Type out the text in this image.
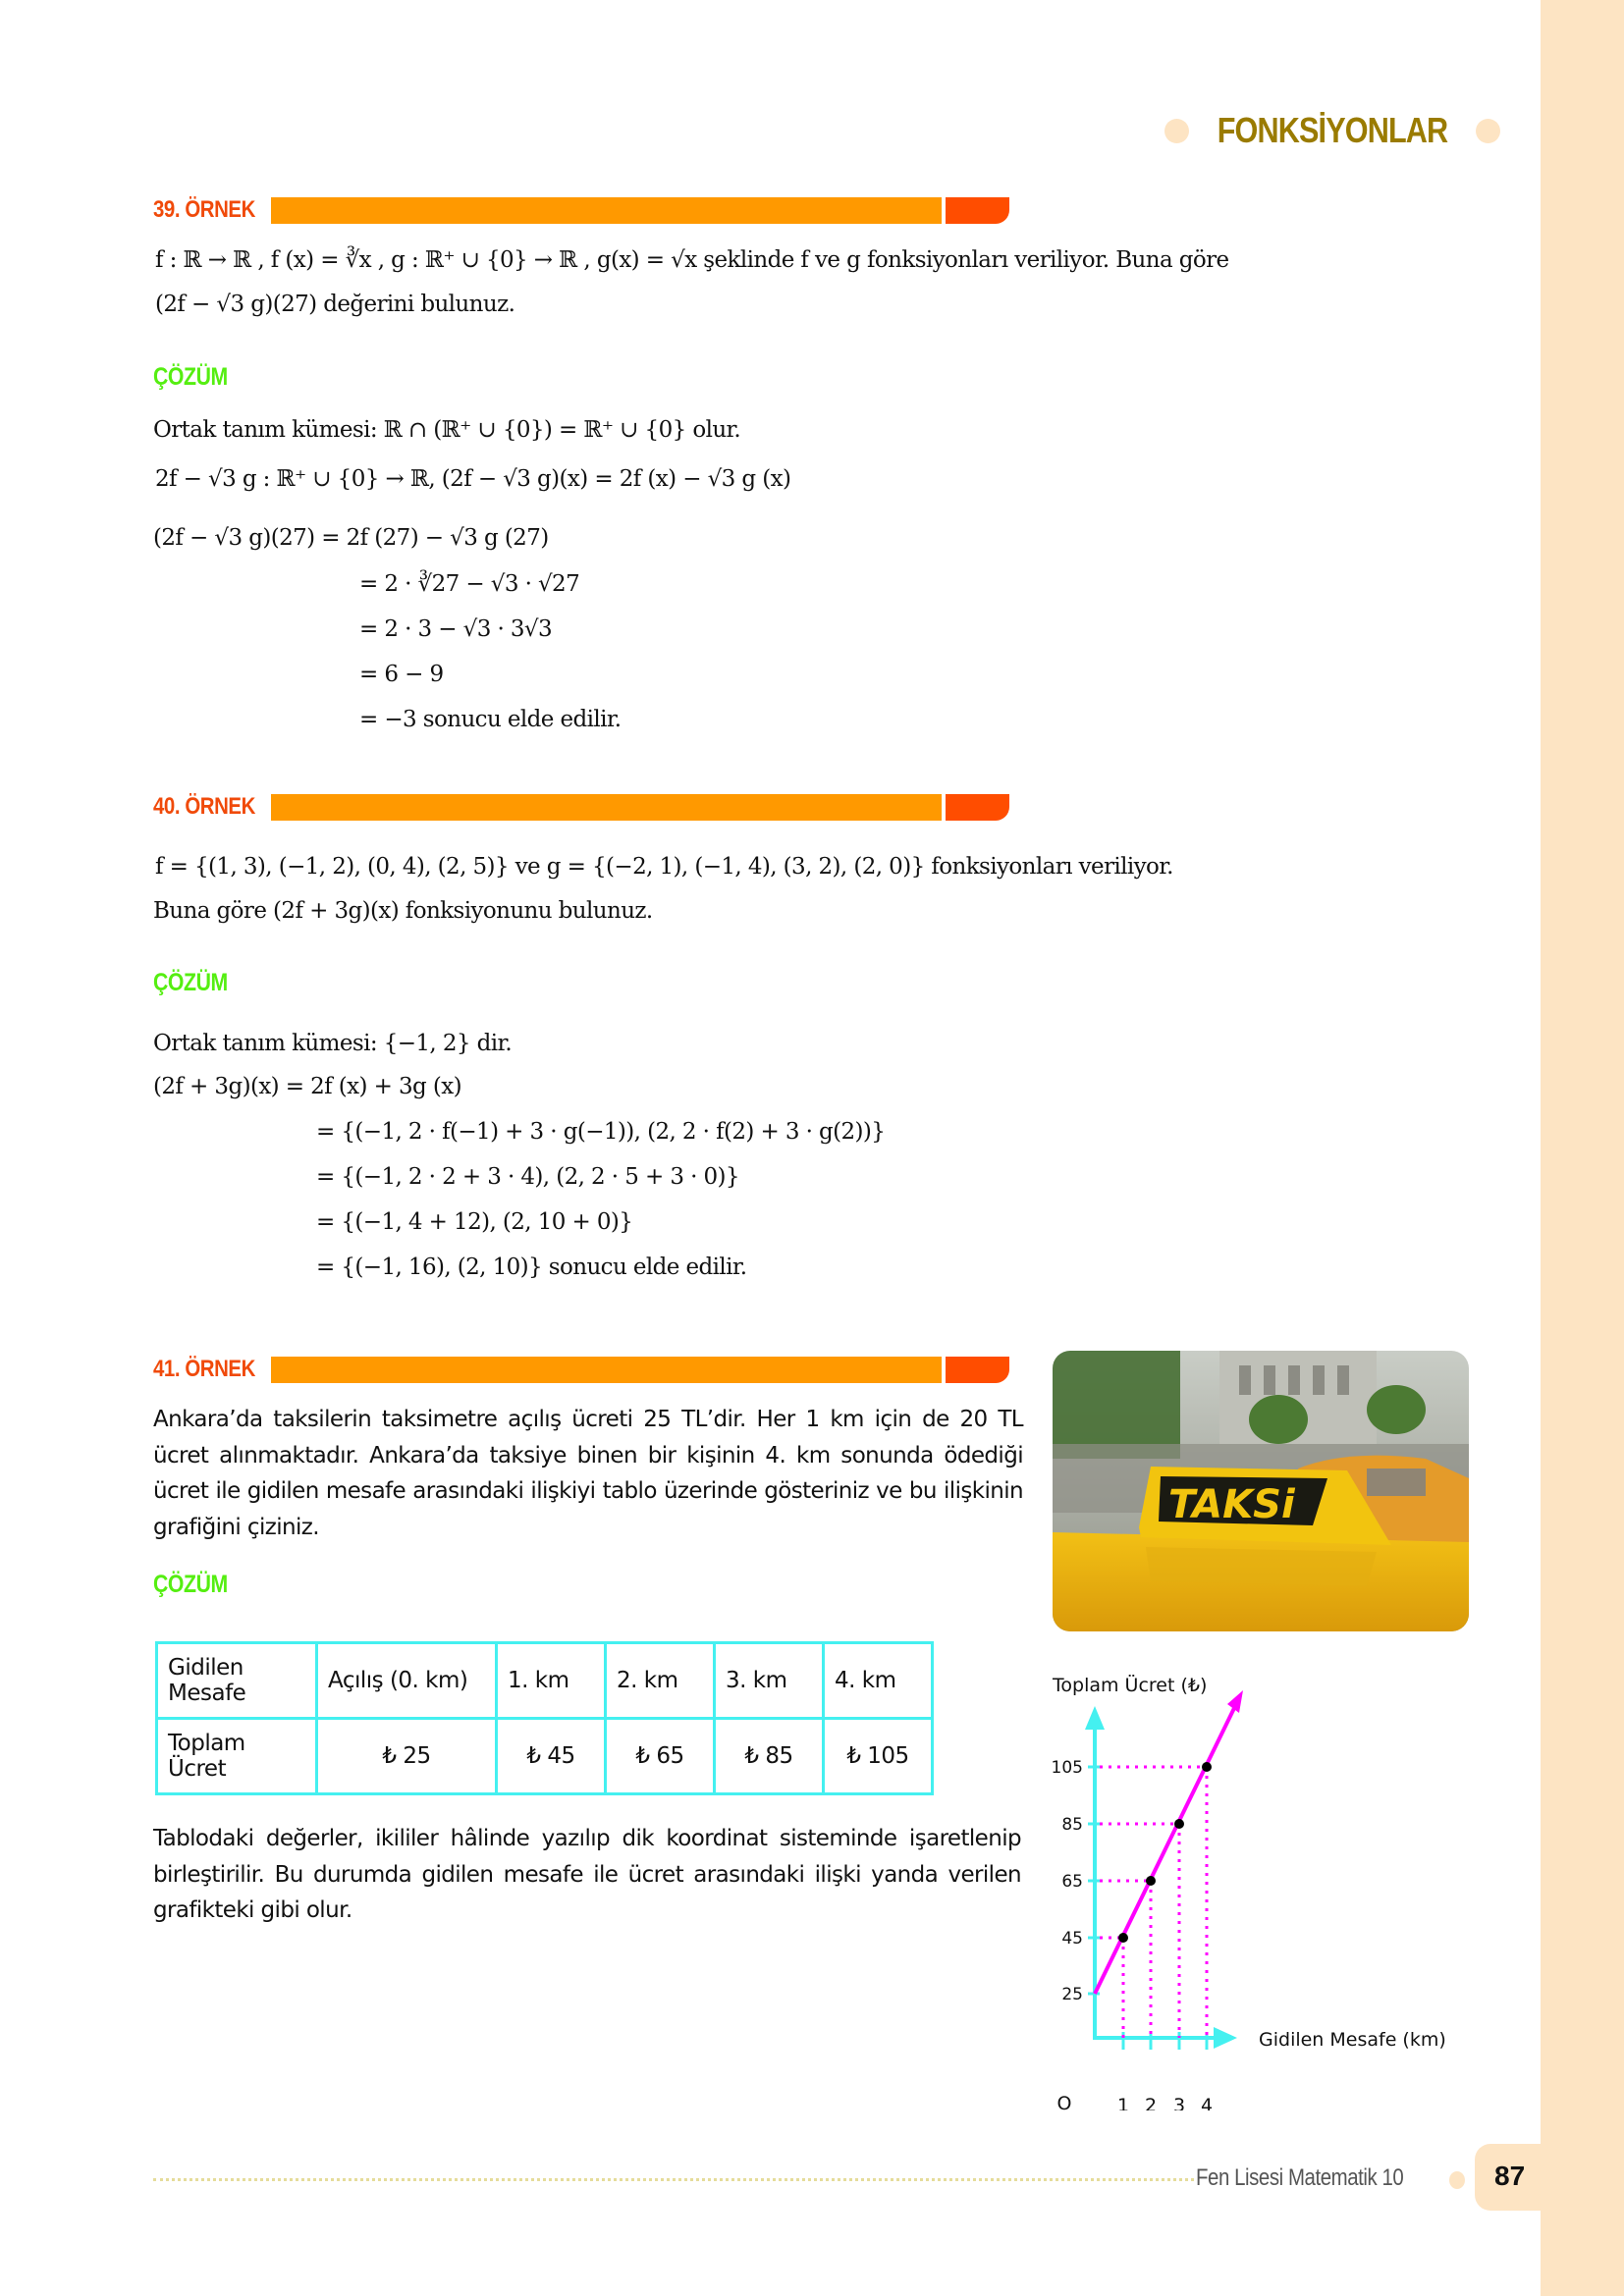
FONKSİYONLAR
39. ÖRNEK
f : ℝ → ℝ , f (x) = ∛x , g : ℝ⁺ ∪ {0} → ℝ , g(x) = √x şeklinde f ve g fonksiyonları veriliyor. Buna göre
(2f − √3 g)(27) değerini bulunuz.
ÇÖZÜM
Ortak tanım kümesi: ℝ ∩ (ℝ⁺ ∪ {0}) = ℝ⁺ ∪ {0} olur.
2f − √3 g : ℝ⁺ ∪ {0} → ℝ, (2f − √3 g)(x) = 2f (x) − √3 g (x)
(2f − √3 g)(27) = 2f (27) − √3 g (27)
= 2 · ∛27 − √3 · √27
= 2 · 3 − √3 · 3√3
= 6 − 9
= −3 sonucu elde edilir.
40. ÖRNEK
f = {(1, 3), (−1, 2), (0, 4), (2, 5)} ve g = {(−2, 1), (−1, 4), (3, 2), (2, 0)} fonksiyonları veriliyor.
Buna göre (2f + 3g)(x) fonksiyonunu bulunuz.
ÇÖZÜM
Ortak tanım kümesi: {−1, 2} dir.
(2f + 3g)(x) = 2f (x) + 3g (x)
= {(−1, 2 · f(−1) + 3 · g(−1)), (2, 2 · f(2) + 3 · g(2))}
= {(−1, 2 · 2 + 3 · 4), (2, 2 · 5 + 3 · 0)}
= {(−1, 4 + 12), (2, 10 + 0)}
= {(−1, 16), (2, 10)} sonucu elde edilir.
41. ÖRNEK
Ankara’da taksilerin taksimetre açılış ücreti 25 TL’dir. Her 1 km için de 20 TL ücret alınmaktadır. Ankara’da taksiye binen bir kişinin 4. km sonunda ödediği ücret ile gidilen mesafe arasındaki ilişkiyi tablo üzerinde gösteriniz ve bu ilişkinin grafiğini çiziniz.
ÇÖZÜM
TAKSi
Gidilen Mesafe	Açılış (0. km)	1. km	2. km	3. km	4. km
Toplam Ücret	₺ 25	₺ 45	₺ 65	₺ 85	₺ 105
Tablodaki değerler, ikililer hâlinde yazılıp dik koordinat sisteminde işaretlenip birleştirilir. Bu durumda gidilen mesafe ile ücret arasındaki ilişki yanda verilen grafikteki gibi olur.
Toplam Ücret (₺)
105
85
65
45
25
O 1 2 3 4
Gidilen Mesafe (km)
Fen Lisesi Matematik 10	87
